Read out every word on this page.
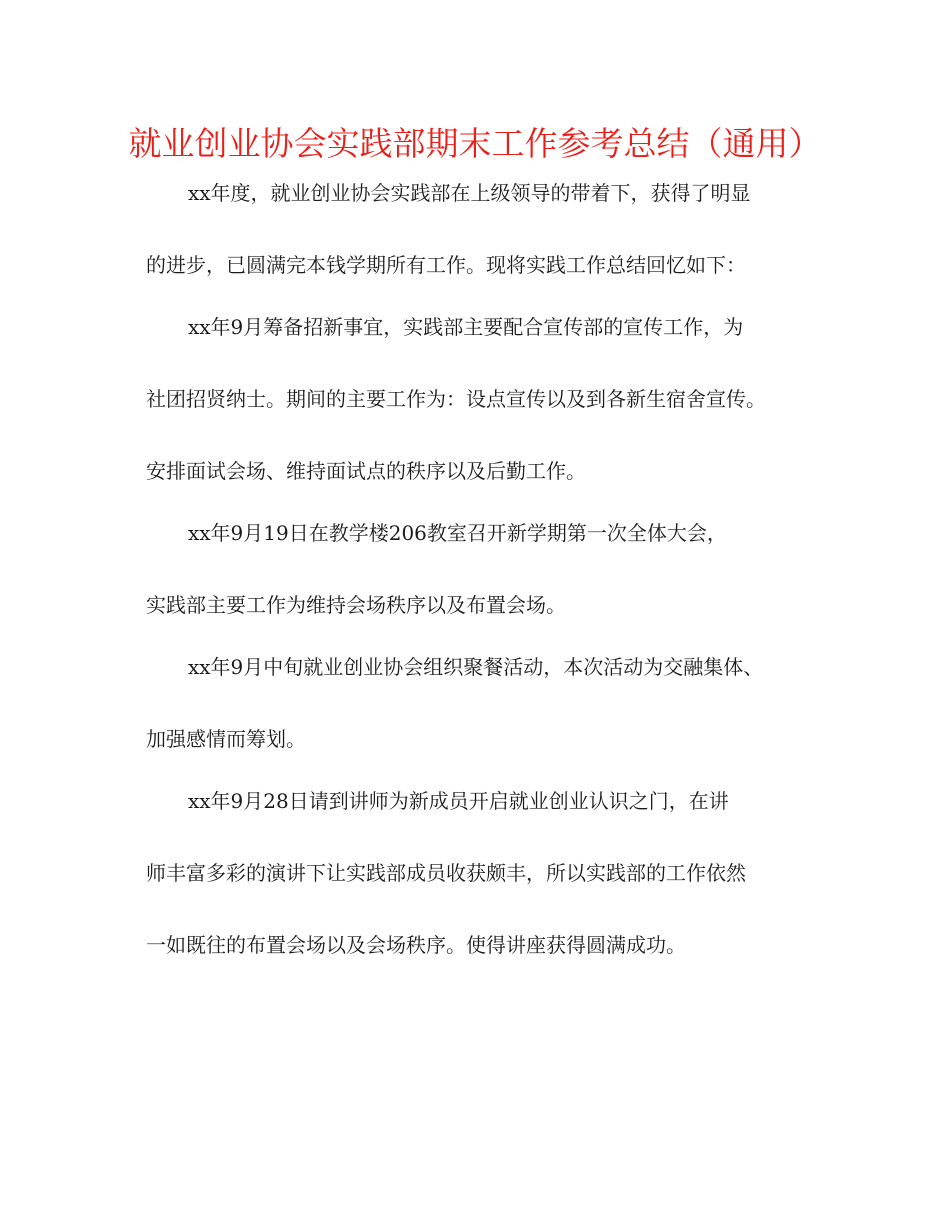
就业创业协会实践部期末工作参考总结（通用）

xx年度，就业创业协会实践部在上级领导的带着下，获得了明显

的进步，已圆满完本钱学期所有工作。现将实践工作总结回忆如下：

xx年9月筹备招新事宜，实践部主要配合宣传部的宣传工作，为

社团招贤纳士。期间的主要工作为：设点宣传以及到各新生宿舍宣传。

安排面试会场、维持面试点的秩序以及后勤工作。

xx年9月19日在教学楼206教室召开新学期第一次全体大会，

实践部主要工作为维持会场秩序以及布置会场。

xx年9月中旬就业创业协会组织聚餐活动，本次活动为交融集体、

加强感情而筹划。

xx年9月28日请到讲师为新成员开启就业创业认识之门，在讲

师丰富多彩的演讲下让实践部成员收获颇丰，所以实践部的工作依然

一如既往的布置会场以及会场秩序。使得讲座获得圆满成功。
